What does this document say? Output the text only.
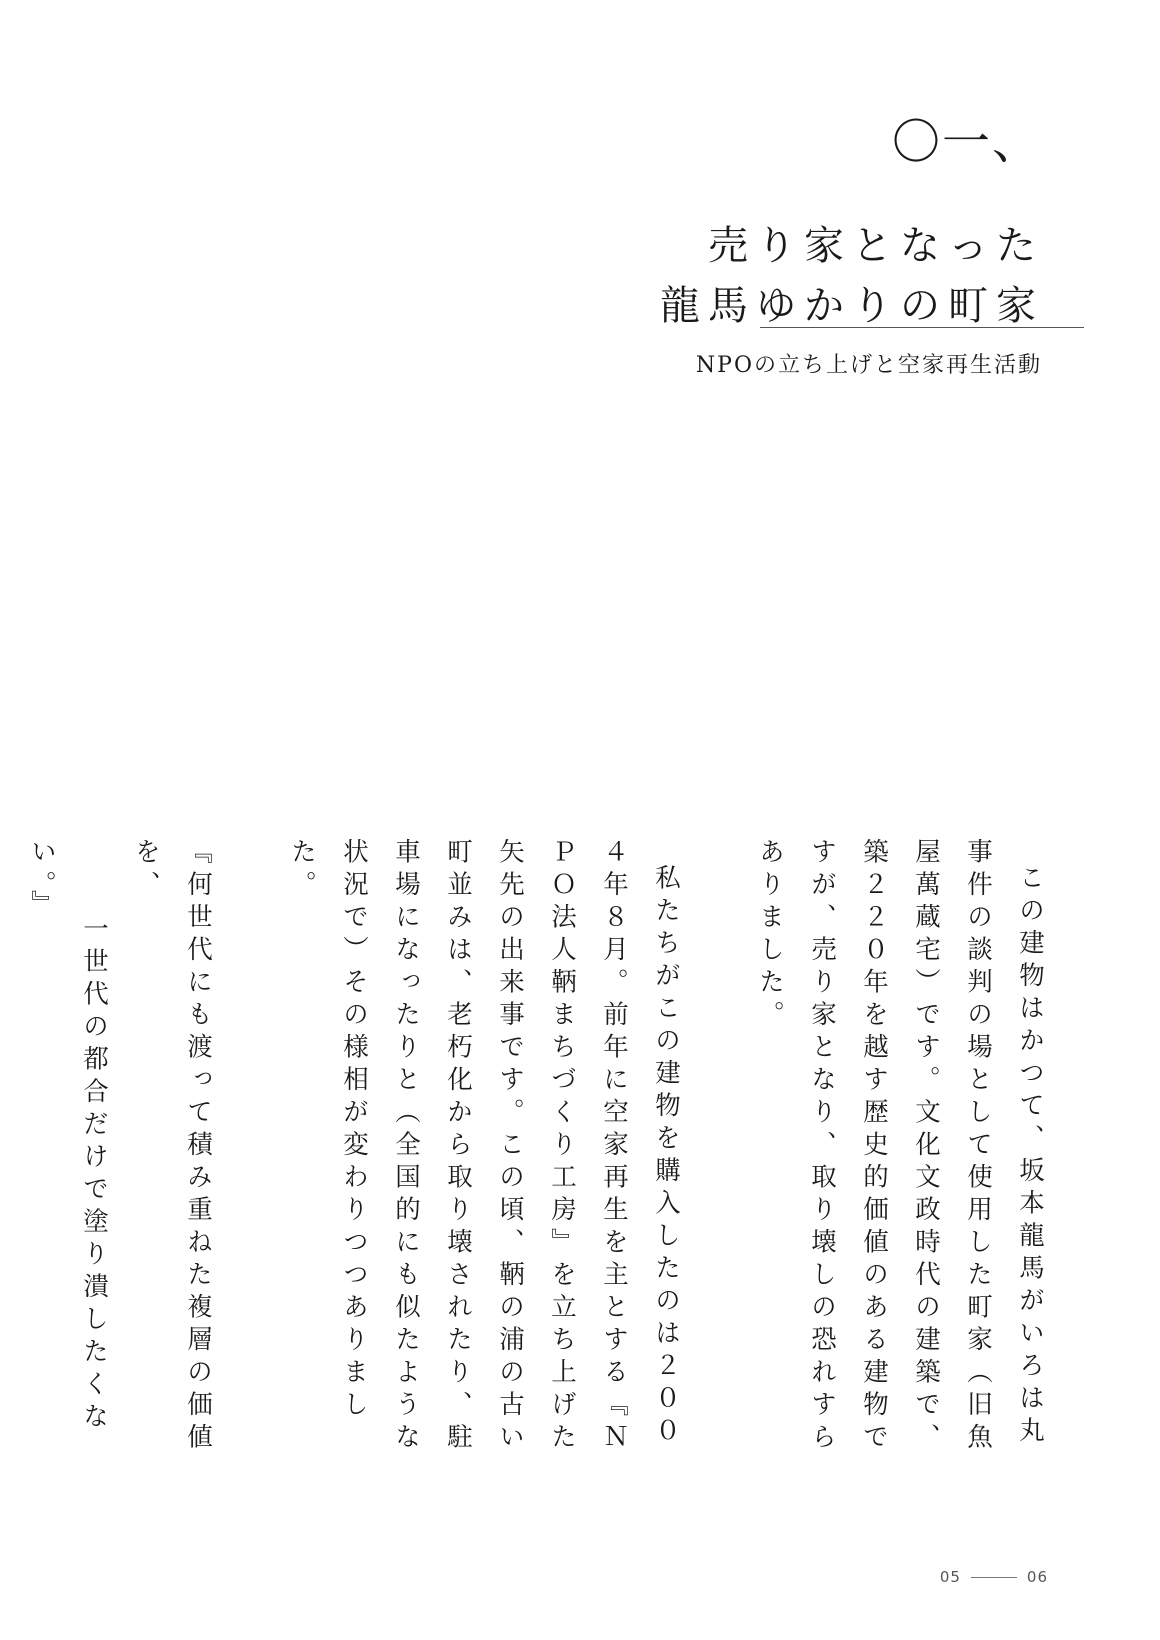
〇一、
売り家となった
龍馬ゆかりの町家
NPOの立ち上げと空家再生活動

この建物はかつて、坂本龍馬がいろは丸事件の談判の場として使用した町家（旧魚屋萬蔵宅）です。文化文政時代の建築で、築２２０年を越す歴史的価値のある建物ですが、売り家となり、取り壊しの恐れすらありました。

私たちがこの建物を購入したのは２００４年８月。前年に空家再生を主とする『ＮＰＯ法人鞆まちづくり工房』を立ち上げた矢先の出来事です。この頃、鞆の浦の古い町並みは、老朽化から取り壊されたり、駐車場になったりと（全国的にも似たような状況で）その様相が変わりつつありました。

『何世代にも渡って積み重ねた複層の価値を、

一世代の都合だけで塗り潰したくない。』

05	06
